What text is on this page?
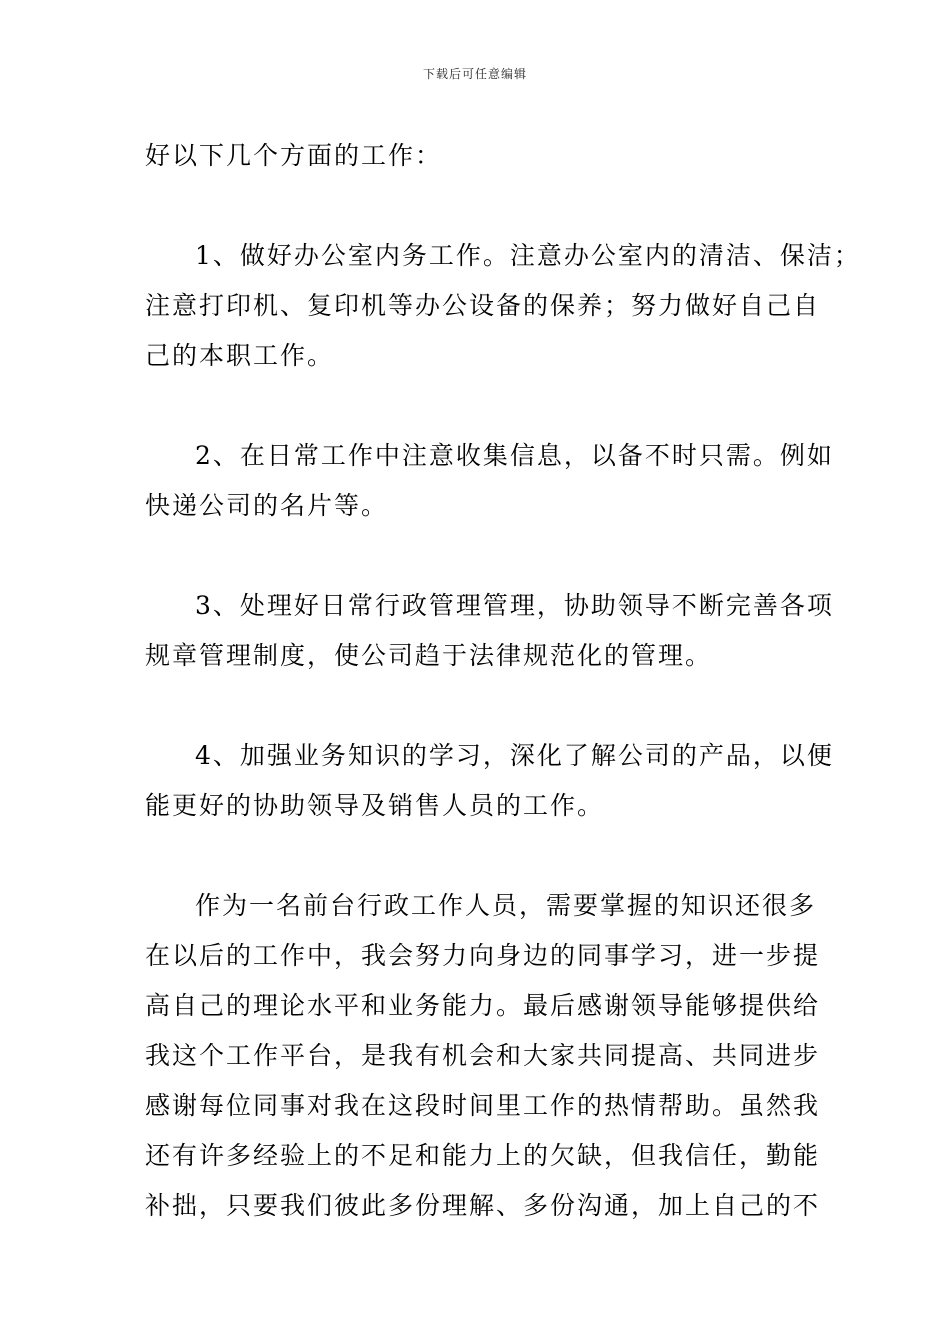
下载后可任意编辑
好以下几个方面的工作：
1、做好办公室内务工作。注意办公室内的清洁、保洁；
注意打印机、复印机等办公设备的保养；努力做好自己自
己的本职工作。
2、在日常工作中注意收集信息，以备不时只需。例如
快递公司的名片等。
3、处理好日常行政管理管理，协助领导不断完善各项
规章管理制度，使公司趋于法律规范化的管理。
4、加强业务知识的学习，深化了解公司的产品，以便
能更好的协助领导及销售人员的工作。
作为一名前台行政工作人员，需要掌握的知识还很多
在以后的工作中，我会努力向身边的同事学习，进一步提
高自己的理论水平和业务能力。最后感谢领导能够提供给
我这个工作平台，是我有机会和大家共同提高、共同进步
感谢每位同事对我在这段时间里工作的热情帮助。虽然我
还有许多经验上的不足和能力上的欠缺，但我信任，勤能
补拙，只要我们彼此多份理解、多份沟通，加上自己的不
